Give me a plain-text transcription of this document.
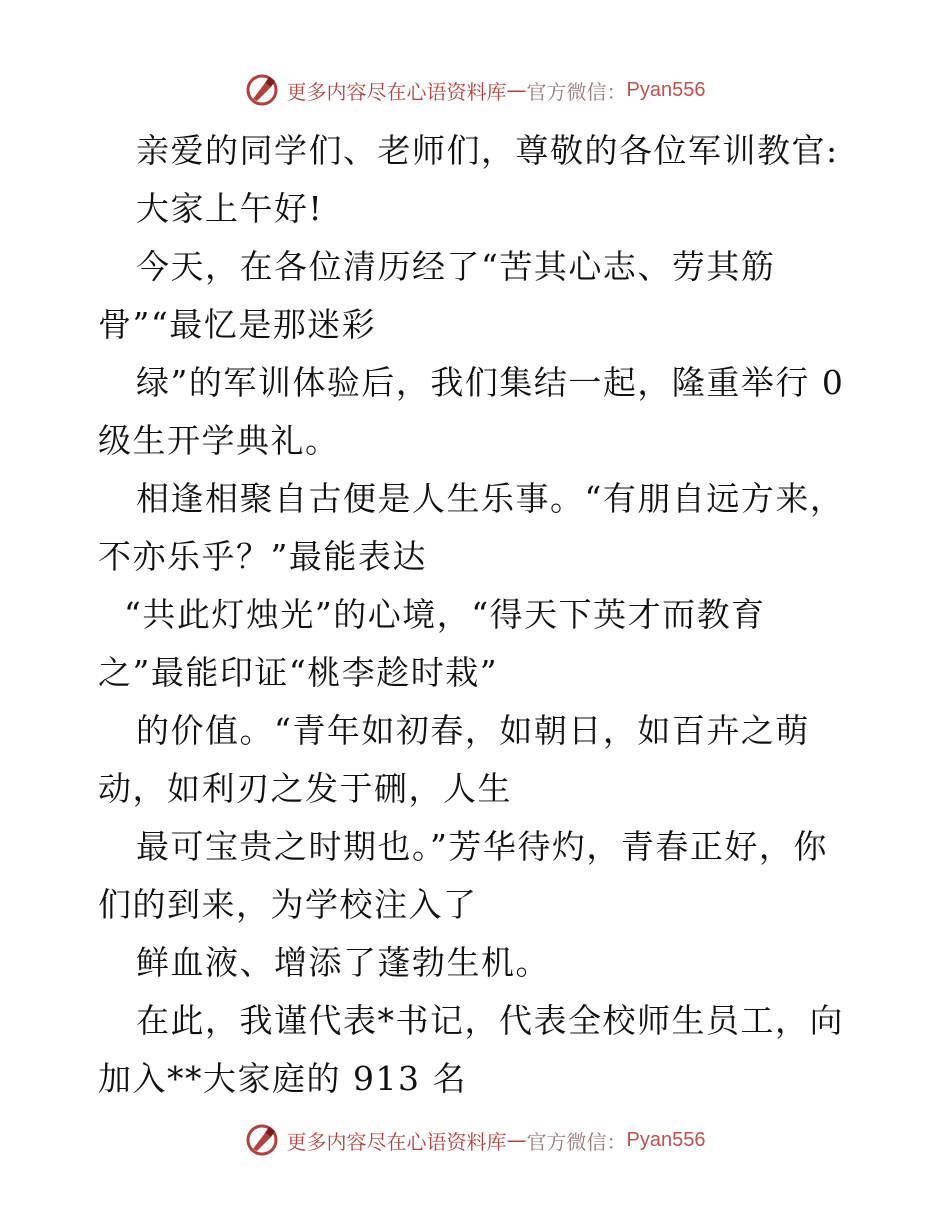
更多内容尽在心语资料库 — 官方微信： Pyan556
亲爱的同学们、老师们，尊敬的各位军训教官:
大家上午好!
今天，在各位清历经了“苦其心志、劳其筋
骨”“最忆是那迷彩
绿”的军训体验后，我们集结一起，隆重举行 0
级生开学典礼。
相逢相聚自古便是人生乐事。“有朋自远方来，
不亦乐乎？”最能表达
“共此灯烛光”的心境，“得天下英才而教育
之”最能印证“桃李趁时栽”
的价值。“青年如初春，如朝日，如百卉之萌
动，如利刃之发于硎，人生
最可宝贵之时期也。”芳华待灼，青春正好，你
们的到来，为学校注入了
鲜血液、增添了蓬勃生机。
在此，我谨代表*书记，代表全校师生员工，向
加入**大家庭的 913 名
更多内容尽在心语资料库 — 官方微信： Pyan556
